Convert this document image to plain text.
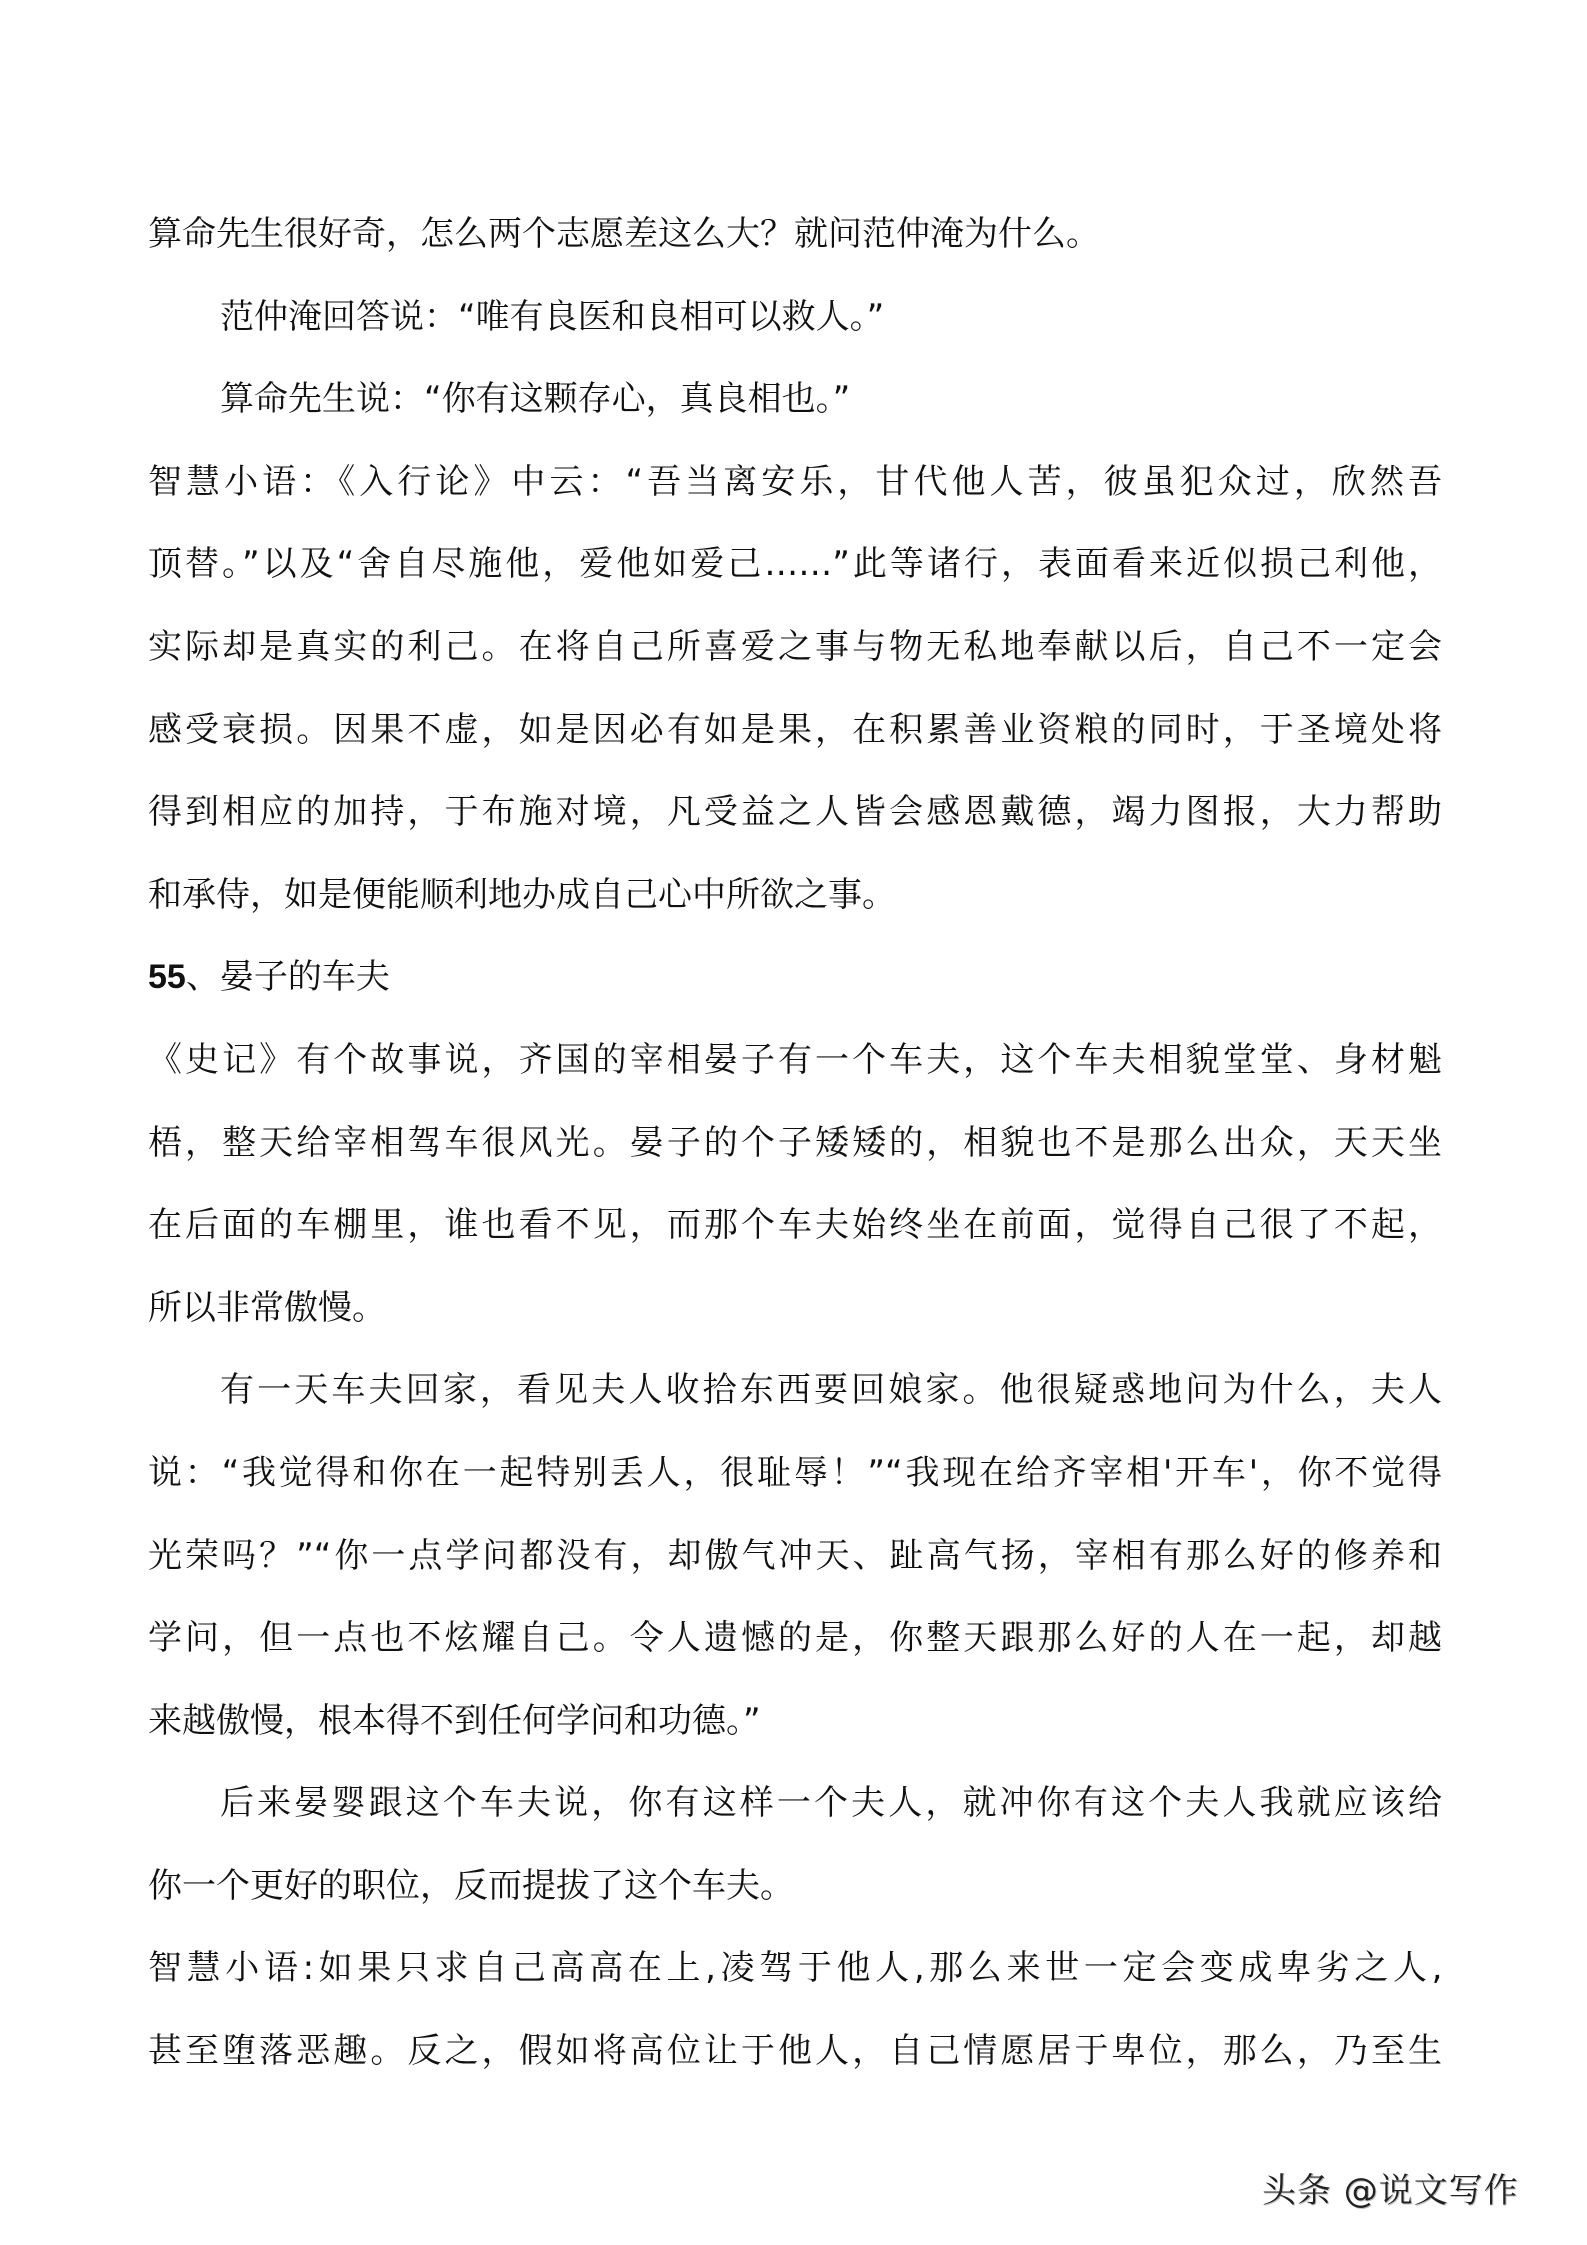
算命先生很好奇，怎么两个志愿差这么大？就问范仲淹为什么。
范仲淹回答说：“唯有良医和良相可以救人。”
算命先生说：“你有这颗存心，真良相也。”
智慧小语：《入行论》中云：“吾当离安乐，甘代他人苦，彼虽犯众过，欣然吾
顶替。”以及“舍自尽施他，爱他如爱己……”此等诸行，表面看来近似损己利他，
实际却是真实的利己。在将自己所喜爱之事与物无私地奉献以后，自己不一定会
感受衰损。因果不虚，如是因必有如是果，在积累善业资粮的同时，于圣境处将
得到相应的加持，于布施对境，凡受益之人皆会感恩戴德，竭力图报，大力帮助
和承侍，如是便能顺利地办成自己心中所欲之事。
55、晏子的车夫
《史记》有个故事说，齐国的宰相晏子有一个车夫，这个车夫相貌堂堂、身材魁
梧，整天给宰相驾车很风光。晏子的个子矮矮的，相貌也不是那么出众，天天坐
在后面的车棚里，谁也看不见，而那个车夫始终坐在前面，觉得自己很了不起，
所以非常傲慢。
有一天车夫回家，看见夫人收拾东西要回娘家。他很疑惑地问为什么，夫人
说：“我觉得和你在一起特别丢人，很耻辱！”“我现在给齐宰相'开车'，你不觉得
光荣吗？”“你一点学问都没有，却傲气冲天、趾高气扬，宰相有那么好的修养和
学问，但一点也不炫耀自己。令人遗憾的是，你整天跟那么好的人在一起，却越
来越傲慢，根本得不到任何学问和功德。”
后来晏婴跟这个车夫说，你有这样一个夫人，就冲你有这个夫人我就应该给
你一个更好的职位，反而提拔了这个车夫。
智慧小语:如果只求自己高高在上,凌驾于他人,那么来世一定会变成卑劣之人,
甚至堕落恶趣。反之，假如将高位让于他人，自己情愿居于卑位，那么，乃至生
头条 @说文写作
